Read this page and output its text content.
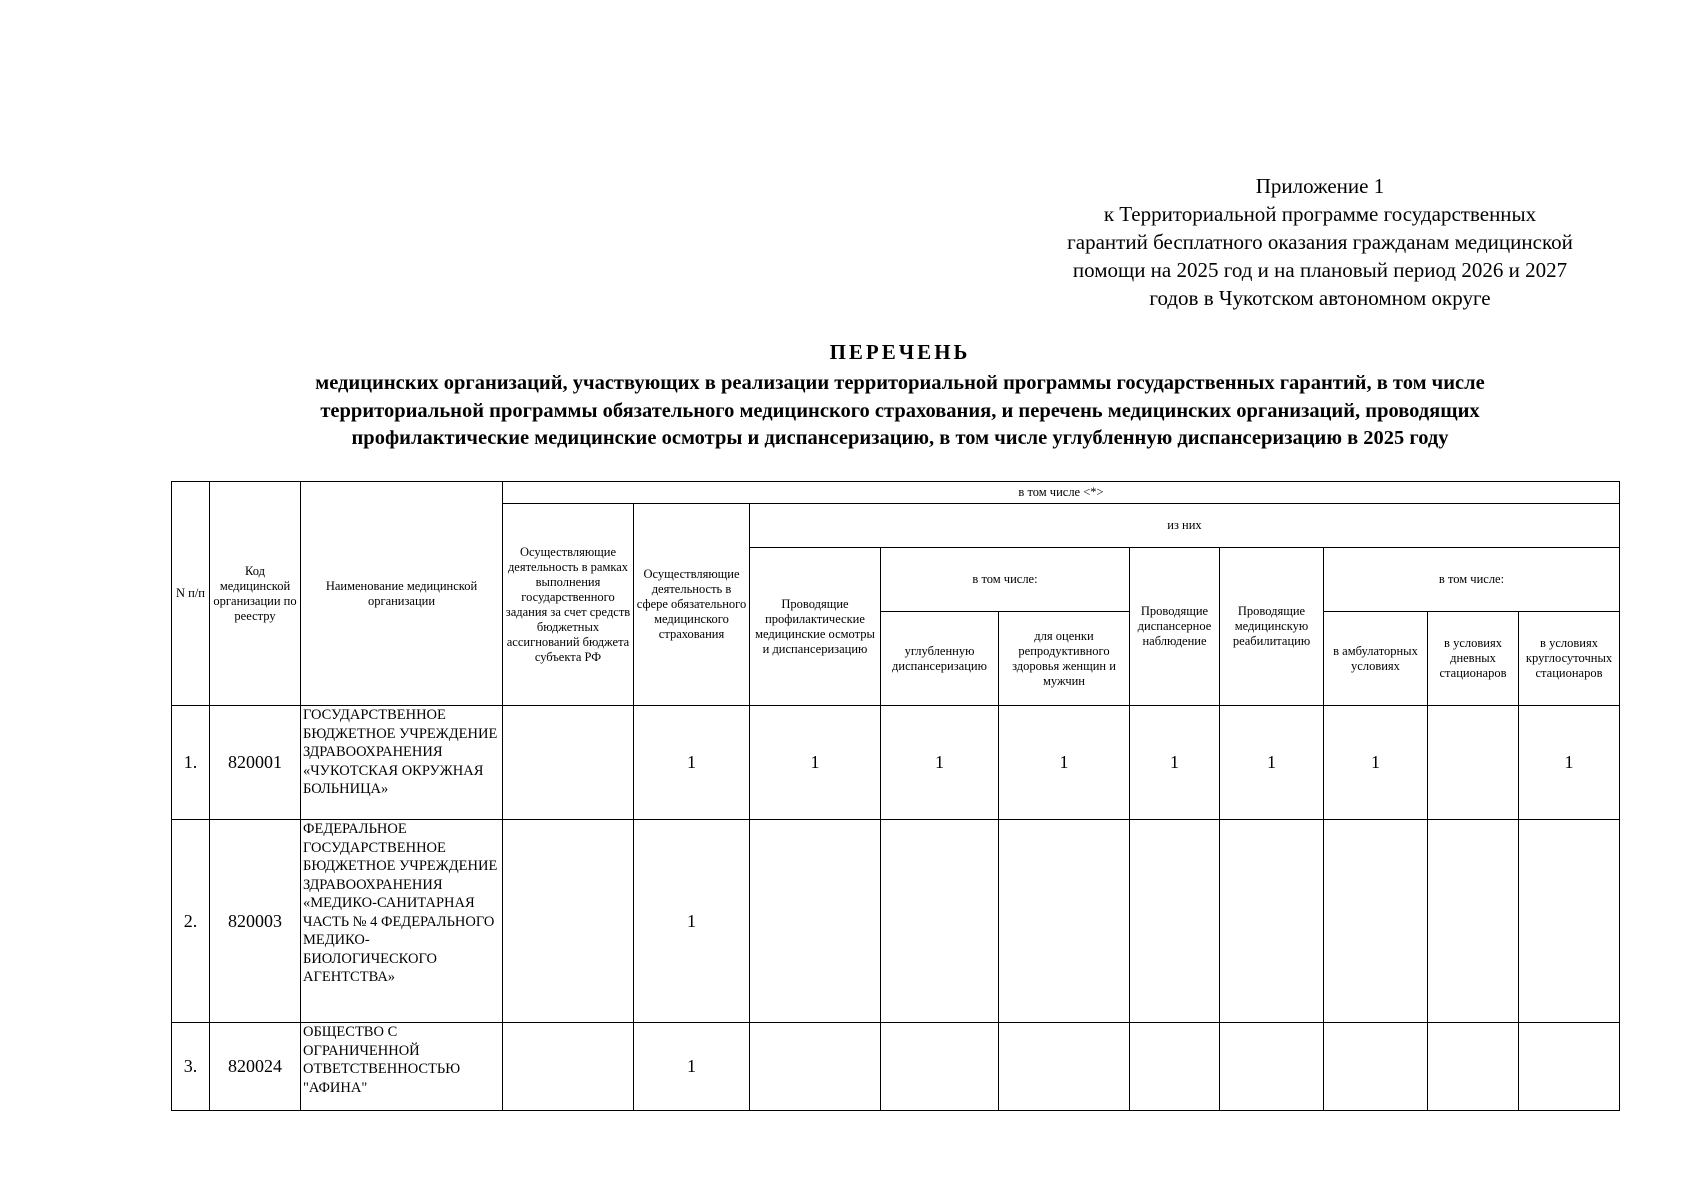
Приложение 1
к Территориальной программе государственных
гарантий бесплатного оказания гражданам медицинской
помощи на 2025 год и на плановый период 2026 и 2027
годов в Чукотском автономном округе
ПЕРЕЧЕНЬ
медицинских организаций, участвующих в реализации территориальной программы государственных гарантий, в том числе
территориальной программы обязательного медицинского страхования, и перечень медицинских организаций, проводящих
профилактические медицинские осмотры и диспансеризацию, в том числе углубленную диспансеризацию в 2025 году
N п/п	Код медицинской организации по реестру	Наименование медицинской организации	в том числе <*>									
			Осуществляющие деятельность в рамках выполнения государственного задания за счет средств бюджетных ассигнований бюджета субъекта РФ	Осуществляющие деятельность в сфере обязательного медицинского страхования	из них							
					Проводящие профилактические медицинские осмотры и диспансеризацию	в том числе:		Проводящие диспансерное наблюдение	Проводящие медицинскую реабилитацию	в том числе:		
						углубленную диспансеризацию	для оценки репродуктивного здоровья женщин и мужчин			в амбулаторных условиях	в условиях дневных стационаров	в условиях круглосуточных стационаров
1.	820001	ГОСУДАРСТВЕННОЕ БЮДЖЕТНОЕ УЧРЕЖДЕНИЕ ЗДРАВООХРАНЕНИЯ «ЧУКОТСКАЯ ОКРУЖНАЯ БОЛЬНИЦА»		1	1	1	1	1	1	1		1
2.	820003	ФЕДЕРАЛЬНОЕ ГОСУДАРСТВЕННОЕ БЮДЖЕТНОЕ УЧРЕЖДЕНИЕ ЗДРАВООХРАНЕНИЯ «МЕДИКО-САНИТАРНАЯ ЧАСТЬ № 4 ФЕДЕРАЛЬНОГО МЕДИКО-БИОЛОГИЧЕСКОГО АГЕНТСТВА»		1								
3.	820024	ОБЩЕСТВО С ОГРАНИЧЕННОЙ ОТВЕТСТВЕННОСТЬЮ "АФИНА"		1								
